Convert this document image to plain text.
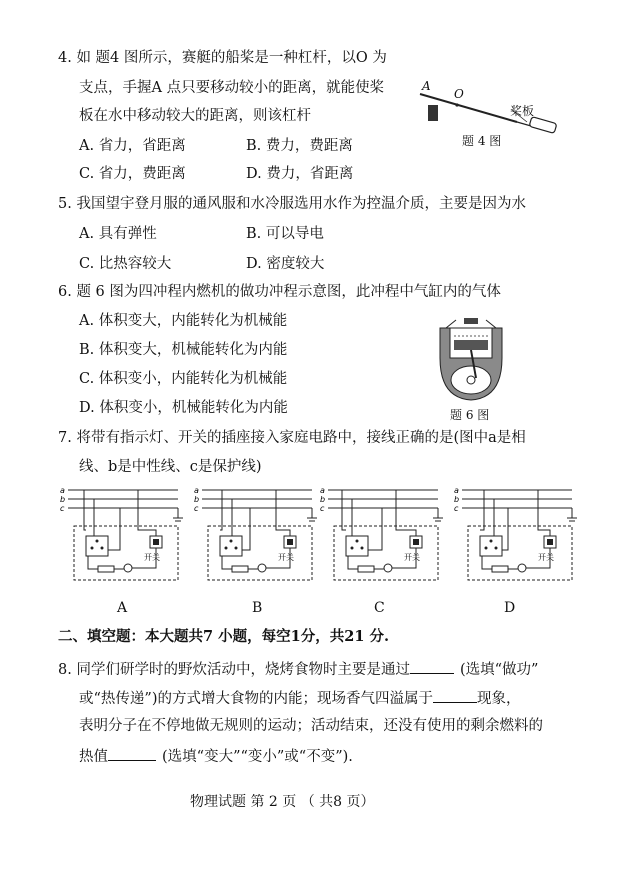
4. 如 题4 图所示，赛艇的船桨是一种杠杆，以O 为
支点，手握A 点只要移动较小的距离，就能使桨
板在水中移动较大的距离，则该杠杆
A. 省力，省距离	B. 费力，费距离
C. 省力，费距离	D. 费力，省距离
A
O
桨板
题 4 图
5. 我国望宇登月服的通风服和水冷服选用水作为控温介质，主要是因为水
A. 具有弹性	B. 可以导电
C. 比热容较大	D. 密度较大
6. 题 6 图为四冲程内燃机的做功冲程示意图，此冲程中气缸内的气体
A. 体积变大，内能转化为机械能
B. 体积变大，机械能转化为内能
C. 体积变小，内能转化为机械能
D. 体积变小，机械能转化为内能	题 6 图
7. 将带有指示灯、开关的插座接入家庭电路中，接线正确的是(图中a是相
线、b是中性线、c是保护线)
a
b
c
开关
a
b
c
开关
a
b
c
开关
a
b
c
开关
A	B	C	D
二、填空题：本大题共7 小题，每空1分，共21 分.
8. 同学们研学时的野炊活动中，烧烤食物时主要是通过	(选填“做功”
或“热传递”)的方式增大食物的内能；现场香气四溢属于	现象，
表明分子在不停地做无规则的运动；活动结束，还没有使用的剩余燃料的
热值	(选填“变大”“变小”或“不变”).
物理试题 第 2 页 （ 共8 页）
